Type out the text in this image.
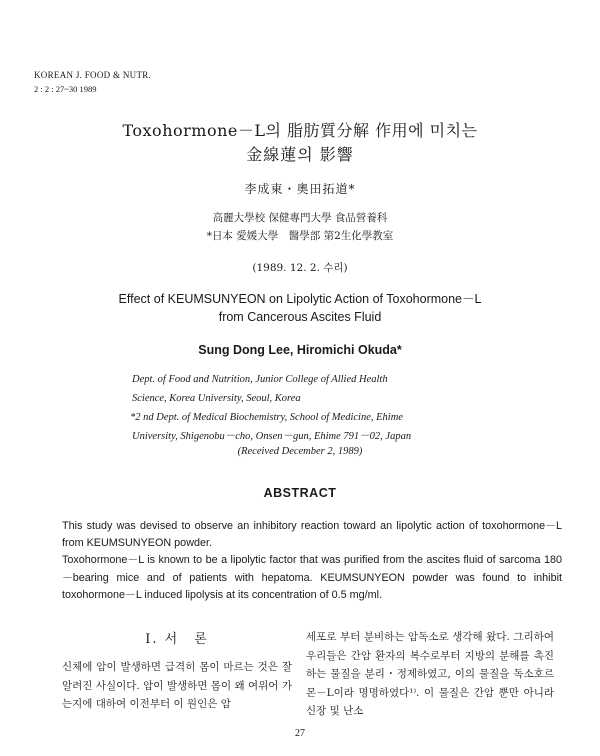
KOREAN J. FOOD & NUTR.
2 : 2 : 27~30 1989
Toxohormone－L의 脂肪質分解 作用에 미치는
金線蓮의 影響
李成東・奧田拓道*
高麗大學校 保健專門大學 食品營養科
*日本 愛媛大學　醫學部 第2生化學教室
(1989. 12. 2. 수리)
Effect of KEUMSUNYEON on Lipolytic Action of Toxohormone－L
from Cancerous Ascites Fluid
Sung Dong Lee, Hiromichi Okuda*
Dept. of Food and Nutrition, Junior College of Allied Health
Science, Korea University, Seoul, Korea
*2 nd Dept. of Medical Biochemistry, School of Medicine, Ehime
University, Shigenobu－cho, Onsen－gun, Ehime 791－02, Japan
(Received December 2, 1989)
ABSTRACT

This study was devised to observe an inhibitory reaction toward an lipolytic action of toxohormone－L from KEUMSUNYEON powder.

Toxohormone－L is known to be a lipolytic factor that was purified from the ascites fluid of sarcoma 180－bearing mice and of patients with hepatoma. KEUMSUNYEON powder was found to inhibit toxohormone－L induced lipolysis at its concentration of 0.5 mg/ml.

I. 서　론
신체에 암이 발생하면 급격히 몸이 마르는 것은 잘 알려진 사실이다. 암이 발생하면 몸이 왜 여위어 가는지에 대하여 이전부터 이 원인은 암
세포로 부터 분비하는 암독소로 생각해 왔다. 그리하여 우리들은 간암 환자의 복수로부터 지방의 분해를 촉진하는 물질을 분리・정제하였고, 이의 물질을 독소호르몬－L이라 명명하였다¹⁾. 이 물질은 간암 뿐만 아니라 신장 및 난소
27
